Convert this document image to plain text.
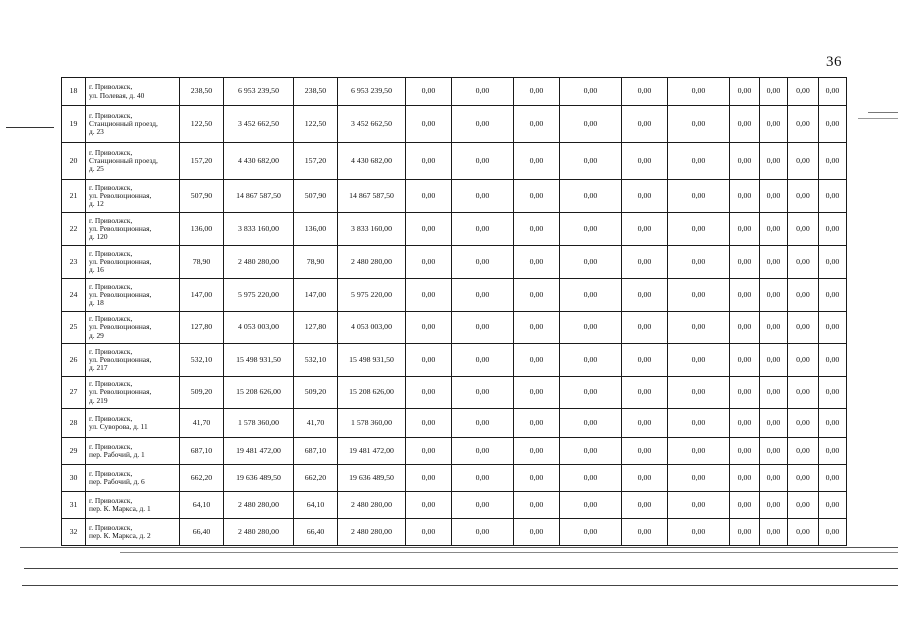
36
18	г. Приволжск,
ул. Полевая, д. 40	238,50	6 953 239,50	238,50	6 953 239,50	0,00	0,00	0,00	0,00	0,00	0,00	0,00	0,00	0,00	0,00
19	г. Приволжск,
Станционный проезд,
д. 23	122,50	3 452 662,50	122,50	3 452 662,50	0,00	0,00	0,00	0,00	0,00	0,00	0,00	0,00	0,00	0,00
20	г. Приволжск,
Станционный проезд,
д. 25	157,20	4 430 682,00	157,20	4 430 682,00	0,00	0,00	0,00	0,00	0,00	0,00	0,00	0,00	0,00	0,00
21	г. Приволжск,
ул. Революционная,
д. 12	507,90	14 867 587,50	507,90	14 867 587,50	0,00	0,00	0,00	0,00	0,00	0,00	0,00	0,00	0,00	0,00
22	г. Приволжск,
ул. Революционная,
д. 120	136,00	3 833 160,00	136,00	3 833 160,00	0,00	0,00	0,00	0,00	0,00	0,00	0,00	0,00	0,00	0,00
23	г. Приволжск,
ул. Революционная,
д. 16	78,90	2 480 280,00	78,90	2 480 280,00	0,00	0,00	0,00	0,00	0,00	0,00	0,00	0,00	0,00	0,00
24	г. Приволжск,
ул. Революционная,
д. 18	147,00	5 975 220,00	147,00	5 975 220,00	0,00	0,00	0,00	0,00	0,00	0,00	0,00	0,00	0,00	0,00
25	г. Приволжск,
ул. Революционная,
д. 29	127,80	4 053 003,00	127,80	4 053 003,00	0,00	0,00	0,00	0,00	0,00	0,00	0,00	0,00	0,00	0,00
26	г. Приволжск,
ул. Революционная,
д. 217	532,10	15 498 931,50	532,10	15 498 931,50	0,00	0,00	0,00	0,00	0,00	0,00	0,00	0,00	0,00	0,00
27	г. Приволжск,
ул. Революционная,
д. 219	509,20	15 208 626,00	509,20	15 208 626,00	0,00	0,00	0,00	0,00	0,00	0,00	0,00	0,00	0,00	0,00
28	г. Приволжск,
ул. Суворова, д. 11	41,70	1 578 360,00	41,70	1 578 360,00	0,00	0,00	0,00	0,00	0,00	0,00	0,00	0,00	0,00	0,00
29	г. Приволжск,
пер. Рабочий, д. 1	687,10	19 481 472,00	687,10	19 481 472,00	0,00	0,00	0,00	0,00	0,00	0,00	0,00	0,00	0,00	0,00
30	г. Приволжск,
пер. Рабочий, д. 6	662,20	19 636 489,50	662,20	19 636 489,50	0,00	0,00	0,00	0,00	0,00	0,00	0,00	0,00	0,00	0,00
31	г. Приволжск,
пер. К. Маркса, д. 1	64,10	2 480 280,00	64,10	2 480 280,00	0,00	0,00	0,00	0,00	0,00	0,00	0,00	0,00	0,00	0,00
32	г. Приволжск,
пер. К. Маркса, д. 2	66,40	2 480 280,00	66,40	2 480 280,00	0,00	0,00	0,00	0,00	0,00	0,00	0,00	0,00	0,00	0,00
